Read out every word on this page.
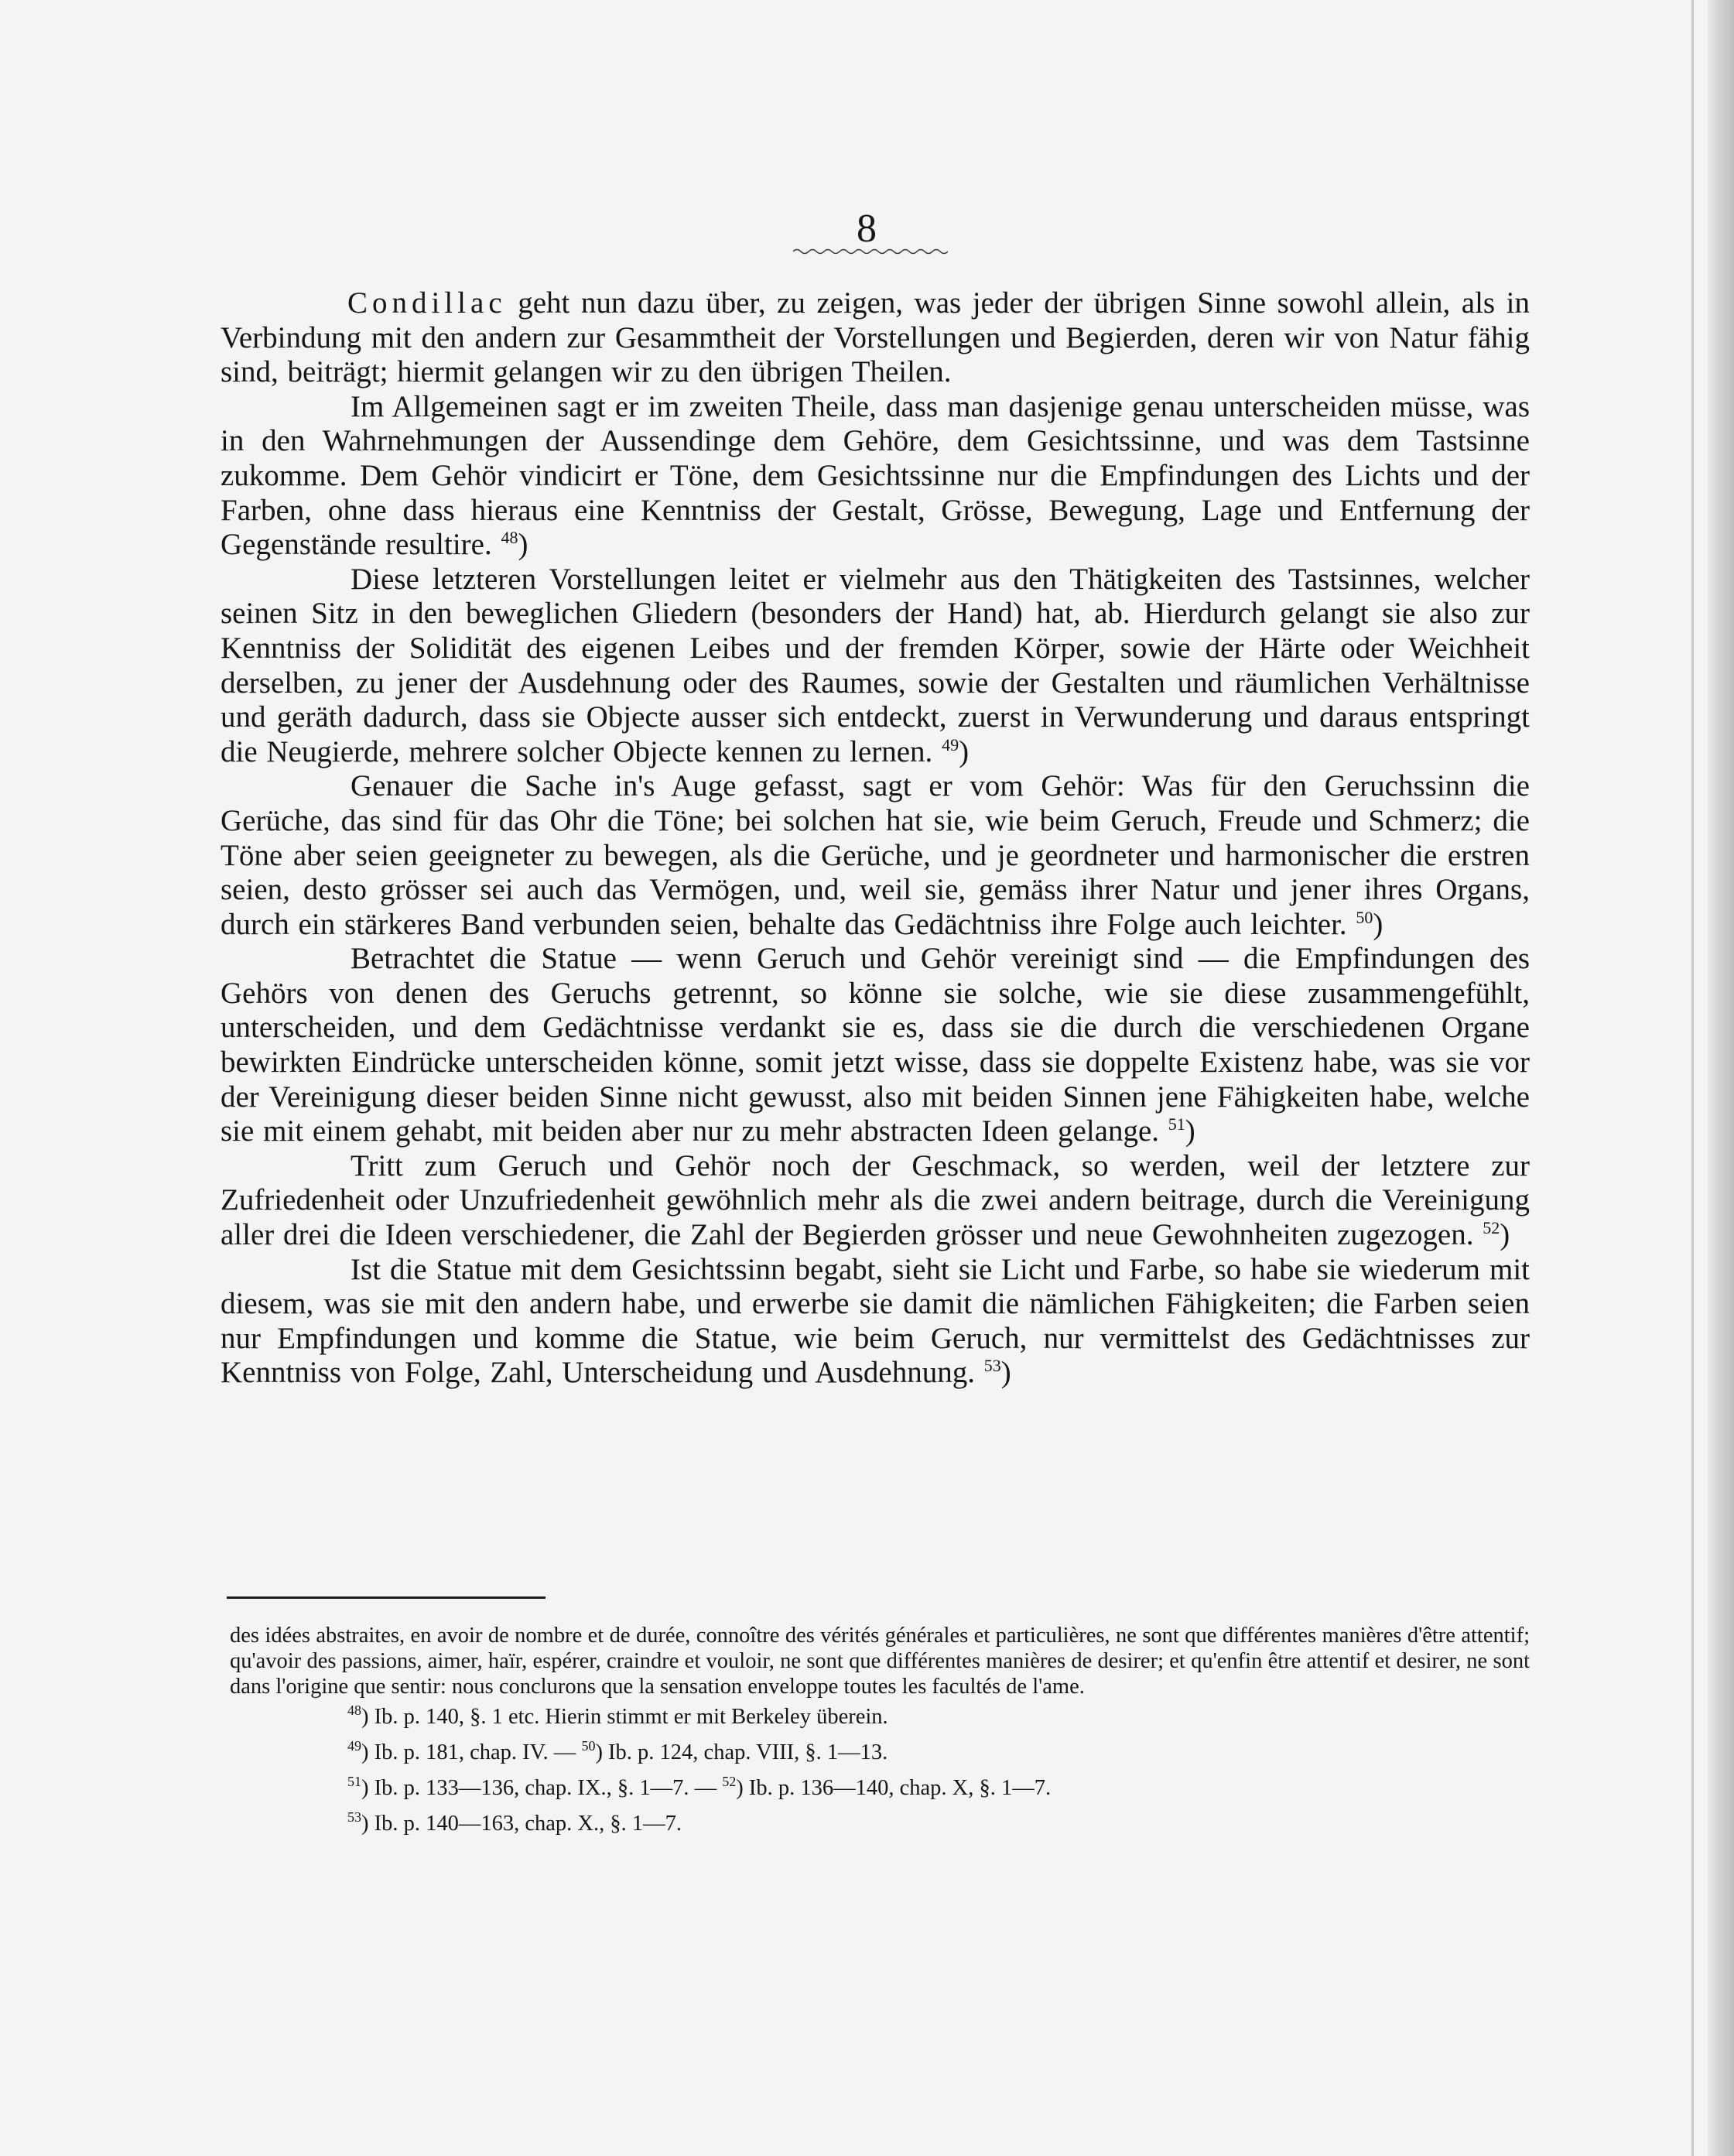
8

Condillac geht nun dazu über, zu zeigen, was jeder der übrigen Sinne sowohl allein, als in Verbindung mit den andern zur Gesammtheit der Vorstellungen und Begierden, deren wir von Natur fähig sind, beiträgt; hiermit gelangen wir zu den übrigen Theilen.

Im Allgemeinen sagt er im zweiten Theile, dass man dasjenige genau unterscheiden müsse, was in den Wahrnehmungen der Aussendinge dem Gehöre, dem Gesichtssinne, und was dem Tastsinne zukomme. Dem Gehör vindicirt er Töne, dem Gesichtssinne nur die Empfindungen des Lichts und der Farben, ohne dass hieraus eine Kenntniss der Gestalt, Grösse, Bewegung, Lage und Entfernung der Gegenstände resultire. $^{48}$)

Diese letzteren Vorstellungen leitet er vielmehr aus den Thätigkeiten des Tastsinnes, welcher seinen Sitz in den beweglichen Gliedern (besonders der Hand) hat, ab. Hierdurch gelangt sie also zur Kenntniss der Solidität des eigenen Leibes und der fremden Körper, sowie der Härte oder Weichheit derselben, zu jener der Ausdehnung oder des Raumes, sowie der Gestalten und räumlichen Verhältnisse und geräth dadurch, dass sie Objecte ausser sich entdeckt, zuerst in Verwunderung und daraus entspringt die Neugierde, mehrere solcher Objecte kennen zu lernen. $^{49}$)

Genauer die Sache in's Auge gefasst, sagt er vom Gehör: Was für den Geruchssinn die Gerüche, das sind für das Ohr die Töne; bei solchen hat sie, wie beim Geruch, Freude und Schmerz; die Töne aber seien geeigneter zu bewegen, als die Gerüche, und je geordneter und harmonischer die erstren seien, desto grösser sei auch das Vermögen, und, weil sie, gemäss ihrer Natur und jener ihres Organs, durch ein stärkeres Band verbunden seien, behalte das Gedächtniss ihre Folge auch leichter. $^{50}$)

Betrachtet die Statue — wenn Geruch und Gehör vereinigt sind — die Empfindungen des Gehörs von denen des Geruchs getrennt, so könne sie solche, wie sie diese zusammengefühlt, unterscheiden, und dem Gedächtnisse verdankt sie es, dass sie die durch die verschiedenen Organe bewirkten Eindrücke unterscheiden könne, somit jetzt wisse, dass sie doppelte Existenz habe, was sie vor der Vereinigung dieser beiden Sinne nicht gewusst, also mit beiden Sinnen jene Fähigkeiten habe, welche sie mit einem gehabt, mit beiden aber nur zu mehr abstracten Ideen gelange. $^{51}$)

Tritt zum Geruch und Gehör noch der Geschmack, so werden, weil der letztere zur Zufriedenheit oder Unzufriedenheit gewöhnlich mehr als die zwei andern beitrage, durch die Vereinigung aller drei die Ideen verschiedener, die Zahl der Begierden grösser und neue Gewohnheiten zugezogen. $^{52}$)

Ist die Statue mit dem Gesichtssinn begabt, sieht sie Licht und Farbe, so habe sie wiederum mit diesem, was sie mit den andern habe, und erwerbe sie damit die nämlichen Fähigkeiten; die Farben seien nur Empfindungen und komme die Statue, wie beim Geruch, nur vermittelst des Gedächtnisses zur Kenntniss von Folge, Zahl, Unterscheidung und Ausdehnung. $^{53}$)

des idées abstraites, en avoir de nombre et de durée, connoître des vérités générales et particulières, ne sont que différentes manières d'être attentif; qu'avoir des passions, aimer, haïr, espérer, craindre et vouloir, ne sont que différentes manières de desirer; et qu'enfin être attentif et desirer, ne sont dans l'origine que sentir: nous conclurons que la sensation enveloppe toutes les facultés de l'ame.

$^{48}$) Ib. p. 140, §. 1 etc. Hierin stimmt er mit Berkeley überein.
$^{49}$) Ib. p. 181, chap. IV. — $^{50}$) Ib. p. 124, chap. VIII, §. 1—13.
$^{51}$) Ib. p. 133—136, chap. IX., §. 1—7. — $^{52}$) Ib. p. 136—140, chap. X, §. 1—7.
$^{53}$) Ib. p. 140—163, chap. X., §. 1—7.
